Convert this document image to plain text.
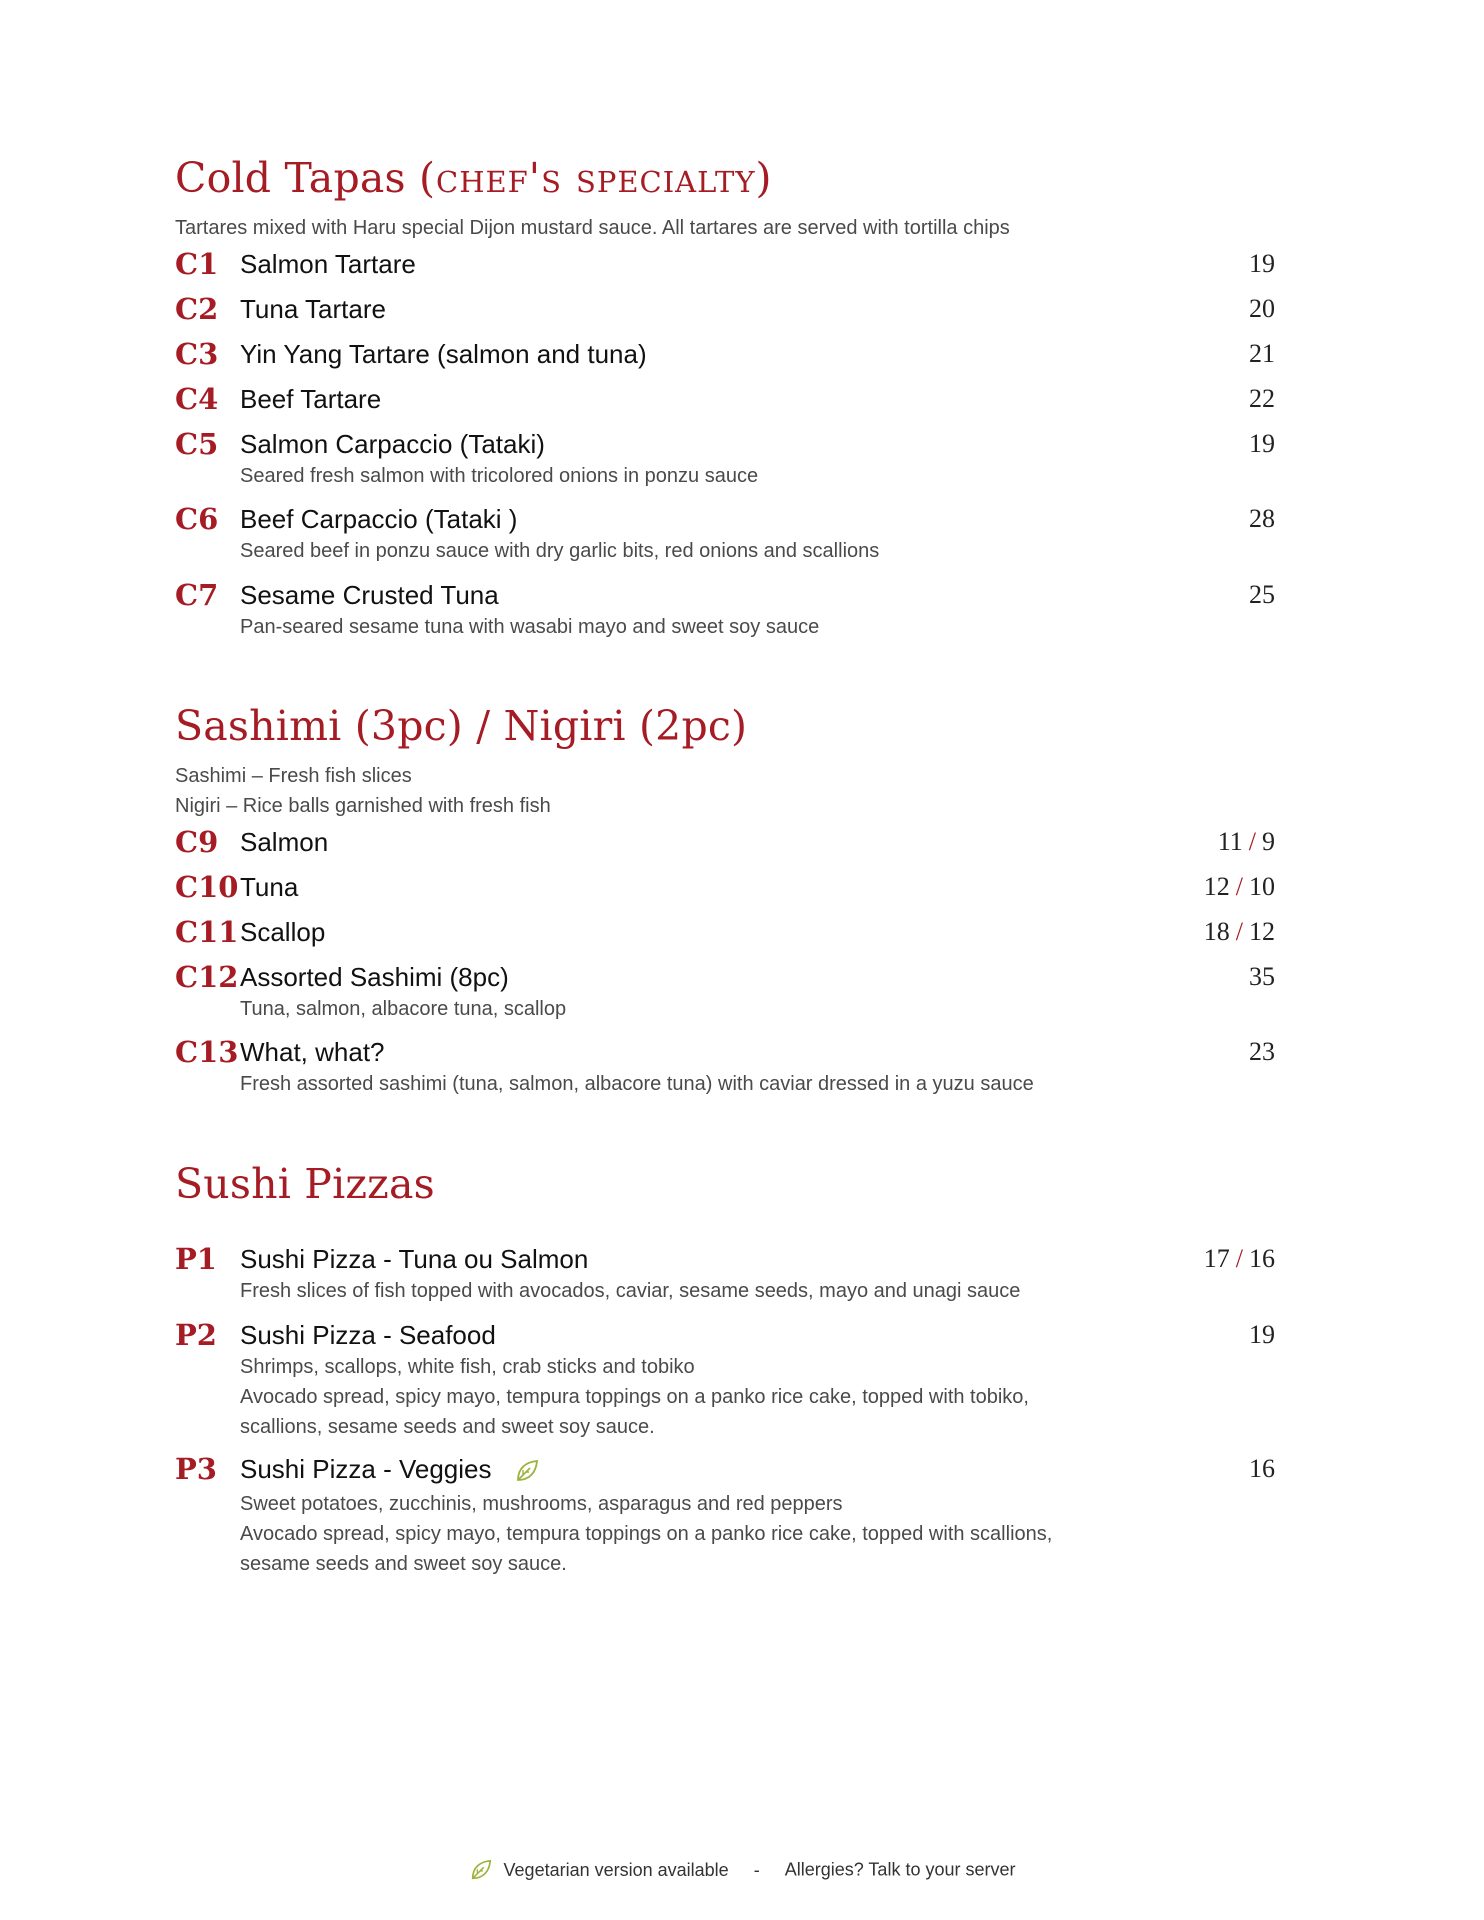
Cold Tapas (chef's specialty)

Tartares mixed with Haru special Dijon mustard sauce. All tartares are served with tortilla chips

C1 Salmon Tartare	19
C2 Tuna Tartare	20
C3 Yin Yang Tartare (salmon and tuna)	21
C4 Beef Tartare	22
C5 Salmon Carpaccio (Tataki)	19
Seared fresh salmon with tricolored onions in ponzu sauce
C6 Beef Carpaccio (Tataki )	28
Seared beef in ponzu sauce with dry garlic bits, red onions and scallions
C7 Sesame Crusted Tuna	25
Pan-seared sesame tuna with wasabi mayo and sweet soy sauce
Sashimi (3pc) / Nigiri (2pc)

Sashimi – Fresh fish slices

Nigiri – Rice balls garnished with fresh fish

C9 Salmon	11 / 9
C10 Tuna	12 / 10
C11 Scallop	18 / 12
C12 Assorted Sashimi (8pc)	35
Tuna, salmon, albacore tuna, scallop
C13 What, what?	23
Fresh assorted sashimi (tuna, salmon, albacore tuna) with caviar dressed in a yuzu sauce
Sushi Pizzas
P1 Sushi Pizza - Tuna ou Salmon	17 / 16
Fresh slices of fish topped with avocados, caviar, sesame seeds, mayo and unagi sauce
P2 Sushi Pizza - Seafood	19
Shrimps, scallops, white fish, crab sticks and tobiko
Avocado spread, spicy mayo, tempura toppings on a panko rice cake, topped with tobiko,
scallions, sesame seeds and sweet soy sauce.
P3 Sushi Pizza - Veggies	16
Sweet potatoes, zucchinis, mushrooms, asparagus and red peppers
Avocado spread, spicy mayo, tempura toppings on a panko rice cake, topped with scallions,
sesame seeds and sweet soy sauce.
Vegetarian version available - Allergies? Talk to your server
